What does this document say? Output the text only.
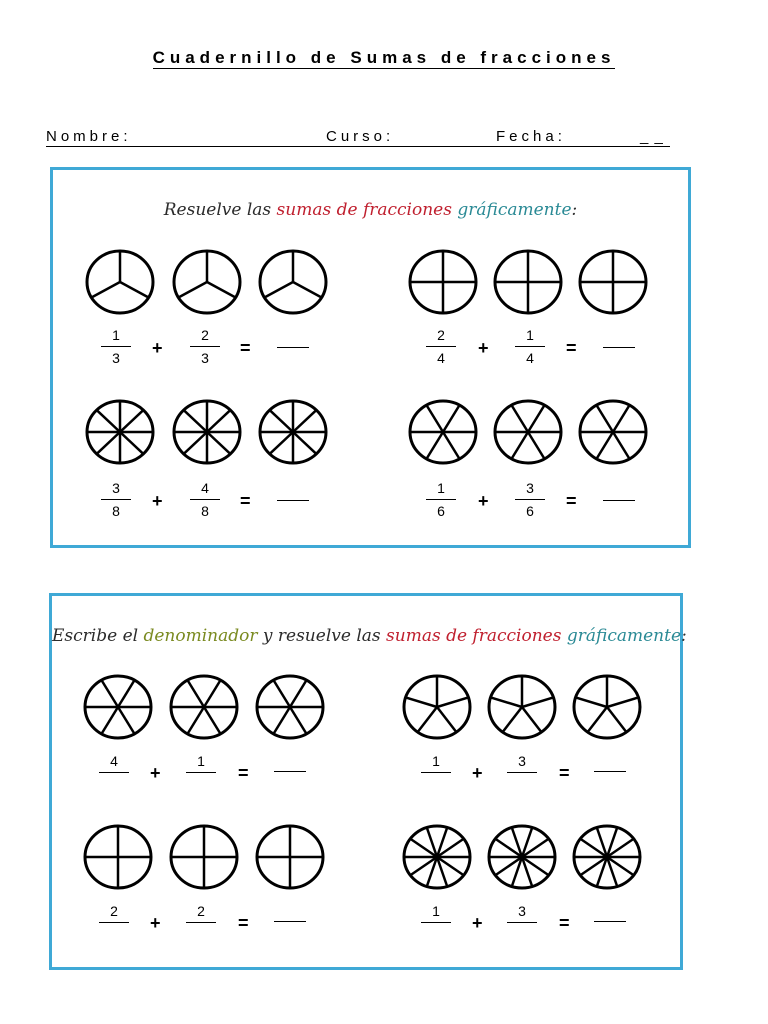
Cuadernillo de Sumas de fracciones
Nombre:	Curso:	Fecha:	_ _
Resuelve las sumas de fracciones gráficamente:
1
3	+
2
3	=
2
4	+
1
4	=
3
8	+
4
8	=
1
6	+
3
6	=
Escribe el denominador y resuelve las sumas de fracciones gráficamente:
4
+
1
=
1
+
3
=
2
+
2
=
1
+
3
=
